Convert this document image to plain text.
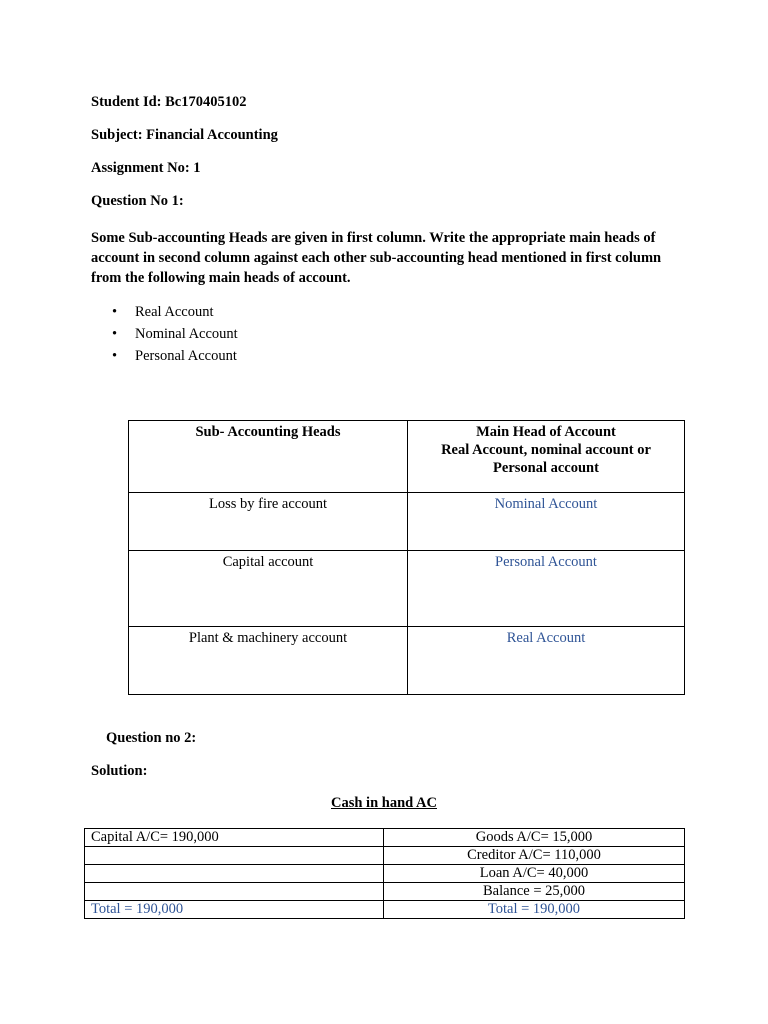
Student Id: Bc170405102
Subject: Financial Accounting
Assignment No: 1
Question No 1:
Some Sub-accounting Heads are given in first column. Write the appropriate main heads of account in second column against each other sub-accounting head mentioned in first column from the following main heads of account.
• Real Account
• Nominal Account
• Personal Account
Sub- Accounting Heads	Main Head of Account
Real Account, nominal account or
Personal account

Loss by fire account	Nominal Account
Capital account	Personal Account
Plant & machinery account	Real Account
Question no 2:
Solution:
Cash in hand AC
Capital A/C= 190,000	Goods A/C= 15,000
	Creditor A/C= 110,000
	Loan A/C= 40,000
	Balance = 25,000
Total = 190,000	Total = 190,000
